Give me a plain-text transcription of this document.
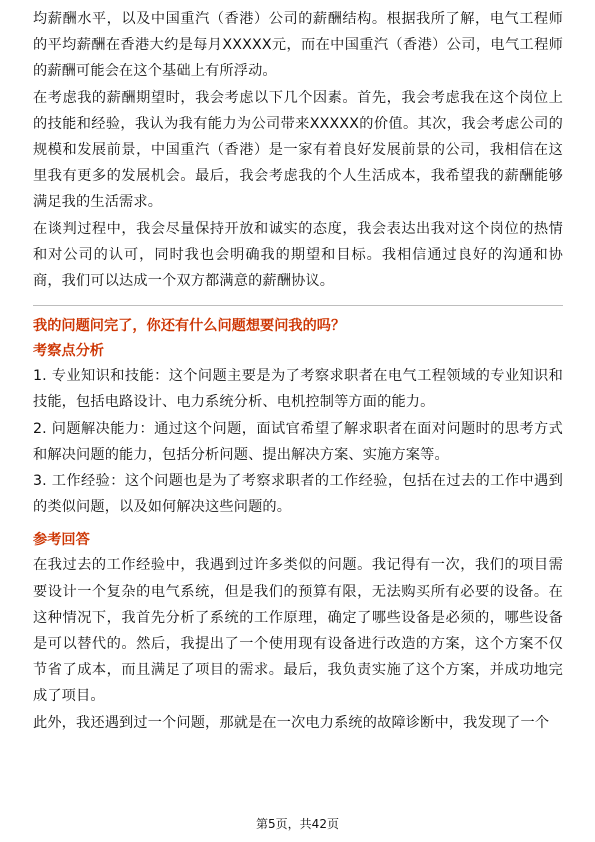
均薪酬水平，以及中国重汽（香港）公司的薪酬结构。根据我所了解，电气工程师的平均薪酬在香港大约是每月XXXXX元，而在中国重汽（香港）公司，电气工程师的薪酬可能会在这个基础上有所浮动。

在考虑我的薪酬期望时，我会考虑以下几个因素。首先，我会考虑我在这个岗位上的技能和经验，我认为我有能力为公司带来XXXXX的价值。其次，我会考虑公司的规模和发展前景，中国重汽（香港）是一家有着良好发展前景的公司，我相信在这里我有更多的发展机会。最后，我会考虑我的个人生活成本，我希望我的薪酬能够满足我的生活需求。

在谈判过程中，我会尽量保持开放和诚实的态度，我会表达出我对这个岗位的热情和对公司的认可，同时我也会明确我的期望和目标。我相信通过良好的沟通和协商，我们可以达成一个双方都满意的薪酬协议。

我的问题问完了，你还有什么问题想要问我的吗？

考察点分析

1. 专业知识和技能：这个问题主要是为了考察求职者在电气工程领域的专业知识和技能，包括电路设计、电力系统分析、电机控制等方面的能力。

2. 问题解决能力：通过这个问题，面试官希望了解求职者在面对问题时的思考方式和解决问题的能力，包括分析问题、提出解决方案、实施方案等。

3. 工作经验：这个问题也是为了考察求职者的工作经验，包括在过去的工作中遇到的类似问题，以及如何解决这些问题的。

参考回答

在我过去的工作经验中，我遇到过许多类似的问题。我记得有一次，我们的项目需要设计一个复杂的电气系统，但是我们的预算有限，无法购买所有必要的设备。在这种情况下，我首先分析了系统的工作原理，确定了哪些设备是必须的，哪些设备是可以替代的。然后，我提出了一个使用现有设备进行改造的方案，这个方案不仅节省了成本，而且满足了项目的需求。最后，我负责实施了这个方案，并成功地完成了项目。

此外，我还遇到过一个问题，那就是在一次电力系统的故障诊断中，我发现了一个

第5页，共42页
